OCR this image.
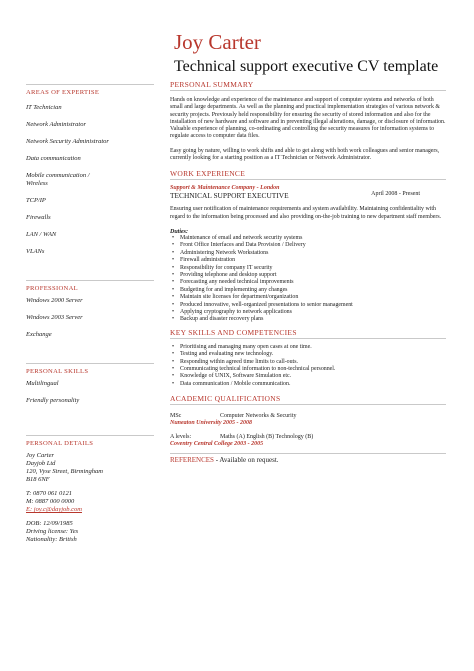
Joy Carter
Technical support executive CV template
AREAS OF EXPERTISE
IT Technician
Network Administrator
Network Security Administrator
Data communication
Mobile communication / Wireless
TCP/IP
Firewalls
LAN / WAN
VLANs
PROFESSIONAL
Windows 2000 Server
Windows 2003 Server
Exchange
PERSONAL SKILLS
Multilingual
Friendly personality
PERSONAL DETAILS
Joy Carter
Dayjob Ltd
120, Vyse Street, Birmingham
B18 6NF
T: 0870 061 0121
M: 0887 000 0000
E: joy.c@dayjob.com
DOB: 12/09/1985
Driving license: Yes
Nationality: British
PERSONAL SUMMARY
Hands on knowledge and experience of the maintenance and support of computer systems and networks of both small and large departments. As well as the planning and practical implementation strategies of various network & security projects. Previously held responsibility for ensuring the security of stored information and also for the installation of new hardware and software and in preventing illegal alterations, damage, or disclosure of information. Valuable experience of planning, co-ordinating and controlling the security measures for information systems to regulate access to computer data files.
Easy going by nature, willing to work shifts and able to get along with both work colleagues and senior managers, currently looking for a starting position as a IT Technician or Network Administrator.
WORK EXPERIENCE
Support & Maintenance Company - London
TECHNICAL SUPPORT EXECUTIVE	April 2008 - Present
Ensuring user notification of maintenance requirements and system availability. Maintaining confidentiality with regard to the information being processed and also providing on-the-job training to new department staff members.
Duties:
• Maintenance of email and network security systems
• Front Office Interfaces and Data Provision / Delivery
• Administering Network Workstations
• Firewall administration
• Responsibility for company IT security
• Providing telephone and desktop support
• Forecasting any needed technical improvements
• Budgeting for and implementing any changes
• Maintain site licenses for department/organization
• Produced innovative, well-organized presentations to senior management
• Applying cryptography to network applications
• Backup and disaster recovery plans
KEY SKILLS AND COMPETENCIES
• Prioritising and managing many open cases at one time.
• Testing and evaluating new technology.
• Responding within agreed time limits to call-outs.
• Communicating technical information to non-technical personnel.
• Knowledge of UNIX, Software Simulation etc.
• Data communication / Mobile communication.
ACADEMIC QUALIFICATIONS
MSc	Computer Networks & Security
Nuneaton University 2005 - 2008
A levels:	Maths (A) English (B) Technology (B)
Coventry Central College 2003 - 2005
REFERENCES - Available on request.
